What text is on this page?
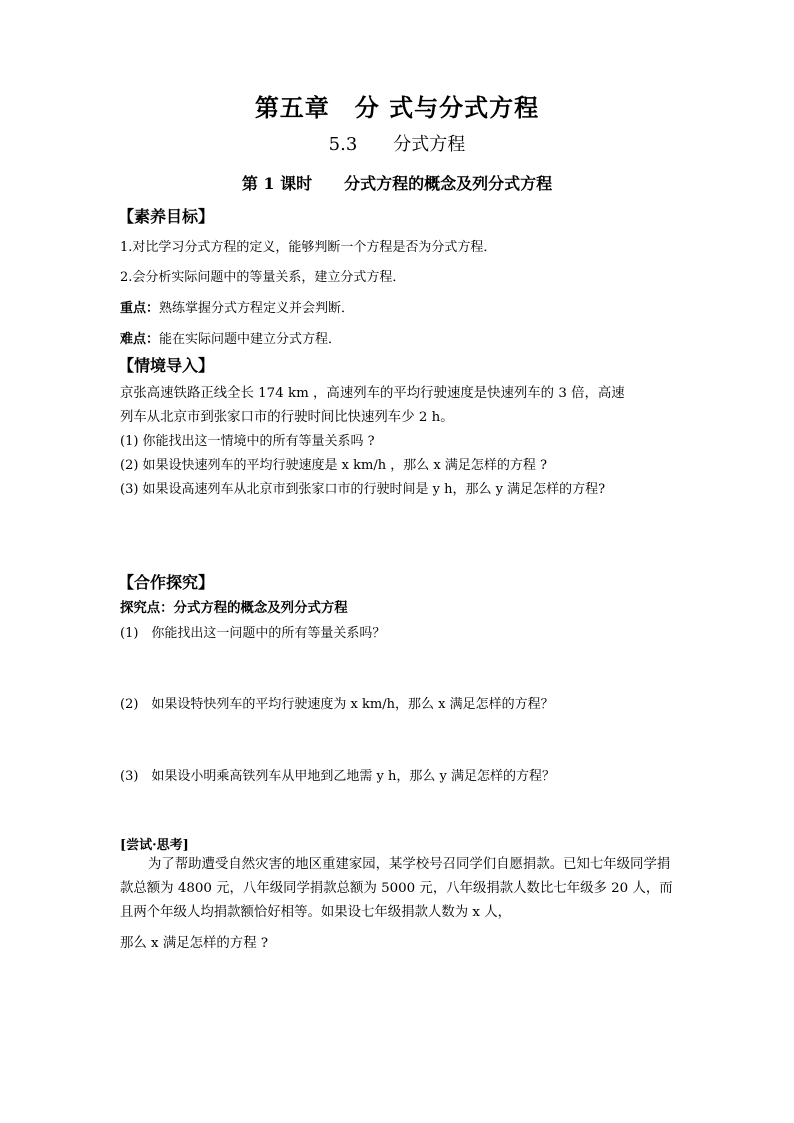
第五章　分 式与分式方程
5.3　　分式方程
第 1 课时　　分式方程的概念及列分式方程
【素养目标】
1.对比学习分式方程的定义，能够判断一个方程是否为分式方程．
2.会分析实际问题中的等量关系，建立分式方程．
重点：熟练掌握分式方程定义并会判断．
难点：能在实际问题中建立分式方程．
【情境导入】
京张高速铁路正线全长 174 km ，高速列车的平均行驶速度是快速列车的 3 倍，高速
列车从北京市到张家口市的行驶时间比快速列车少 2 h。
(1) 你能找出这一情境中的所有等量关系吗 ?
(2) 如果设快速列车的平均行驶速度是 x km/h ，那么 x 满足怎样的方程 ?
(3) 如果设高速列车从北京市到张家口市的行驶时间是 y h，那么 y 满足怎样的方程?
【合作探究】
探究点：分式方程的概念及列分式方程
(1)　你能找出这一问题中的所有等量关系吗？
(2)　如果设特快列车的平均行驶速度为 x km/h，那么 x 满足怎样的方程？
(3)　如果设小明乘高铁列车从甲地到乙地需 y h，那么 y 满足怎样的方程？
[尝试·思考]
为了帮助遭受自然灾害的地区重建家园，某学校号召同学们自愿捐款。已知七年级同学捐款总额为 4800 元，八年级同学捐款总额为 5000 元，八年级捐款人数比七年级多 20 人，而且两个年级人均捐款额恰好相等。如果设七年级捐款人数为 x 人，
那么 x 满足怎样的方程 ?
